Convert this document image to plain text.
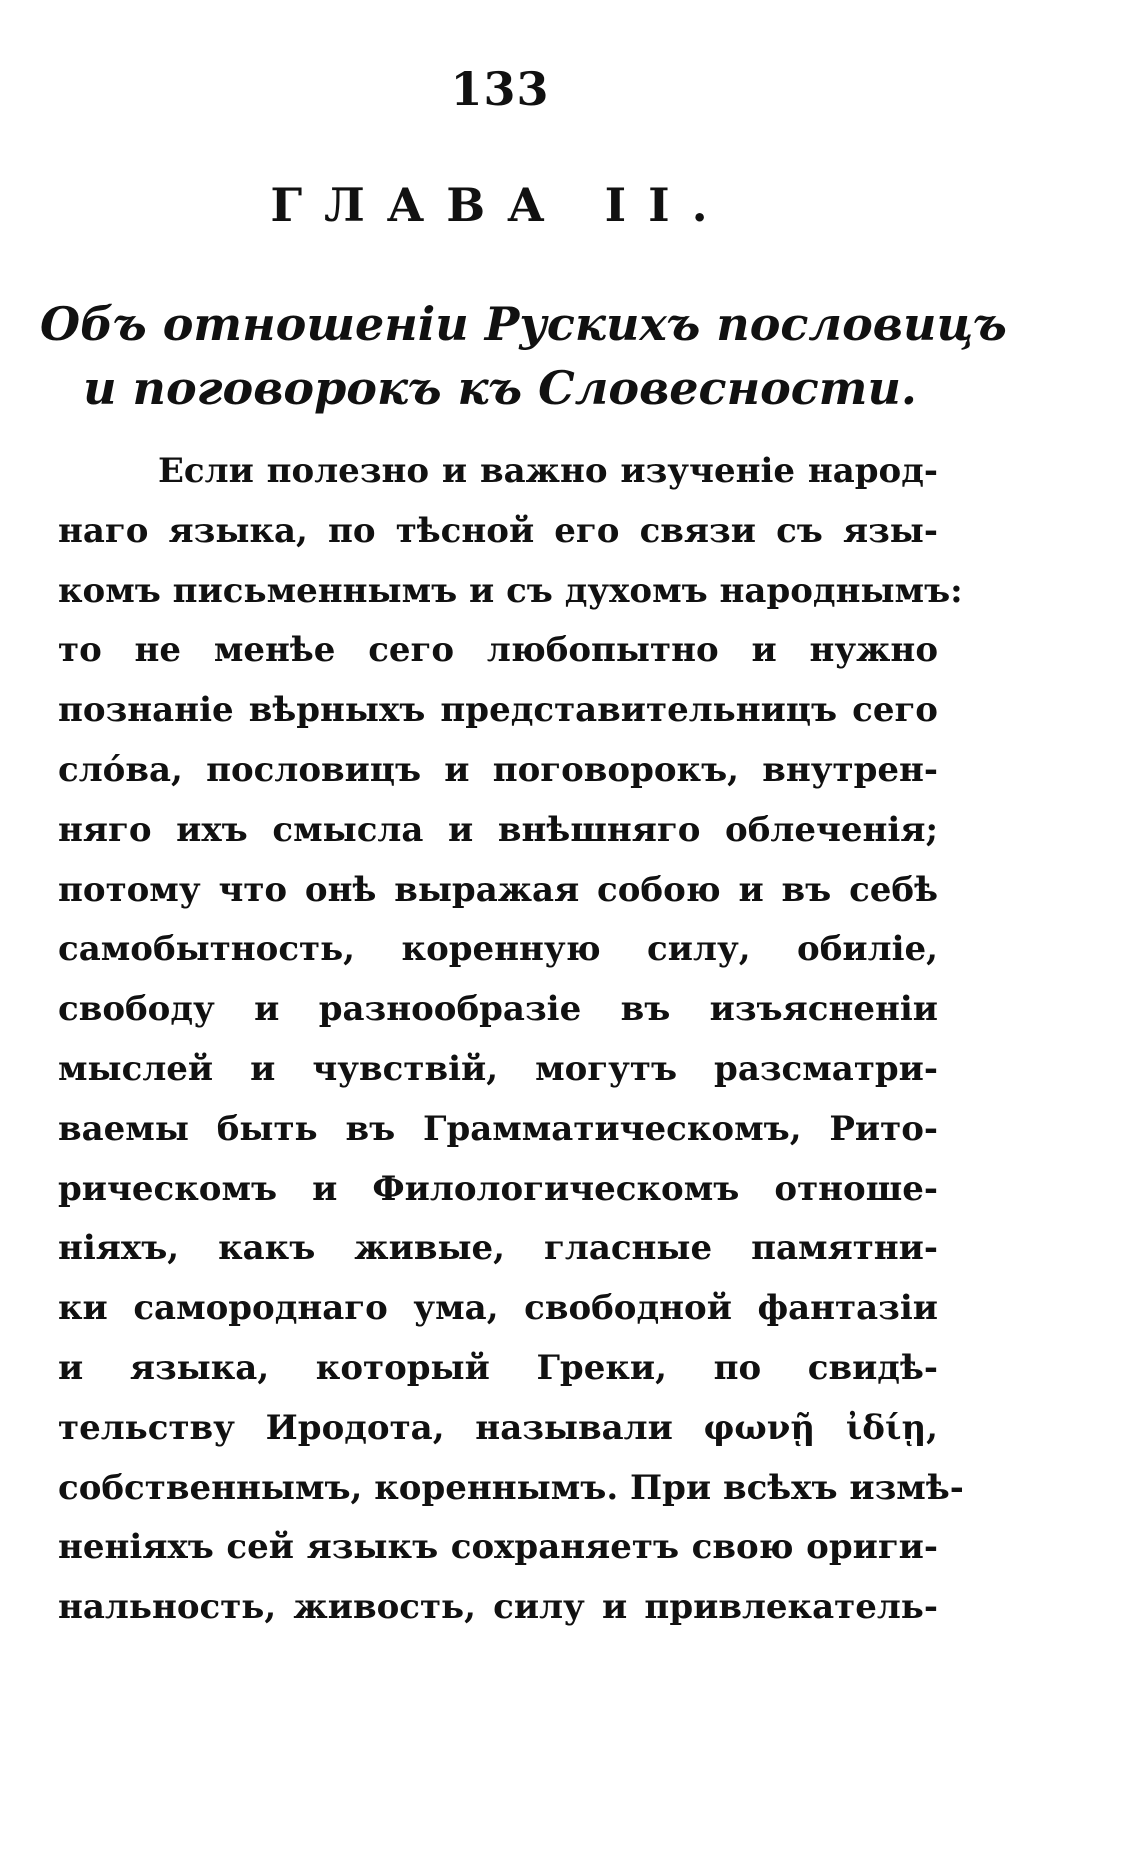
133
ГЛАВА II.
Объ отношеніи Рускихъ пословицъ
и поговорокъ къ Словесности.
Если полезно и важно изученіе народ-
наго языка, по тѣсной его связи съ язы-
комъ письменнымъ и съ духомъ народнымъ:
то не менѣе сего любопытно и нужно
познаніе вѣрныхъ представительницъ сего
слóва, пословицъ и поговорокъ, внутрен-
няго ихъ смысла и внѣшняго облеченія;
потому что онѣ выражая собою и въ себѣ
самобытность, коренную силу, обиліе,
свободу и разнообразіе въ изъясненіи
мыслей и чувствій, могутъ разсматри-
ваемы быть въ Грамматическомъ, Рито-
рическомъ и Филологическомъ отноше-
ніяхъ, какъ живые, гласные памятни-
ки самороднаго ума, свободной фантазіи
и языка, который Греки, по свидѣ-
тельству Иродота, называли φωνῇ ἰδίῃ,
собственнымъ, кореннымъ. При всѣхъ измѣ-
неніяхъ сей языкъ сохраняетъ свою ориги-
нальность, живость, силу и привлекатель-
